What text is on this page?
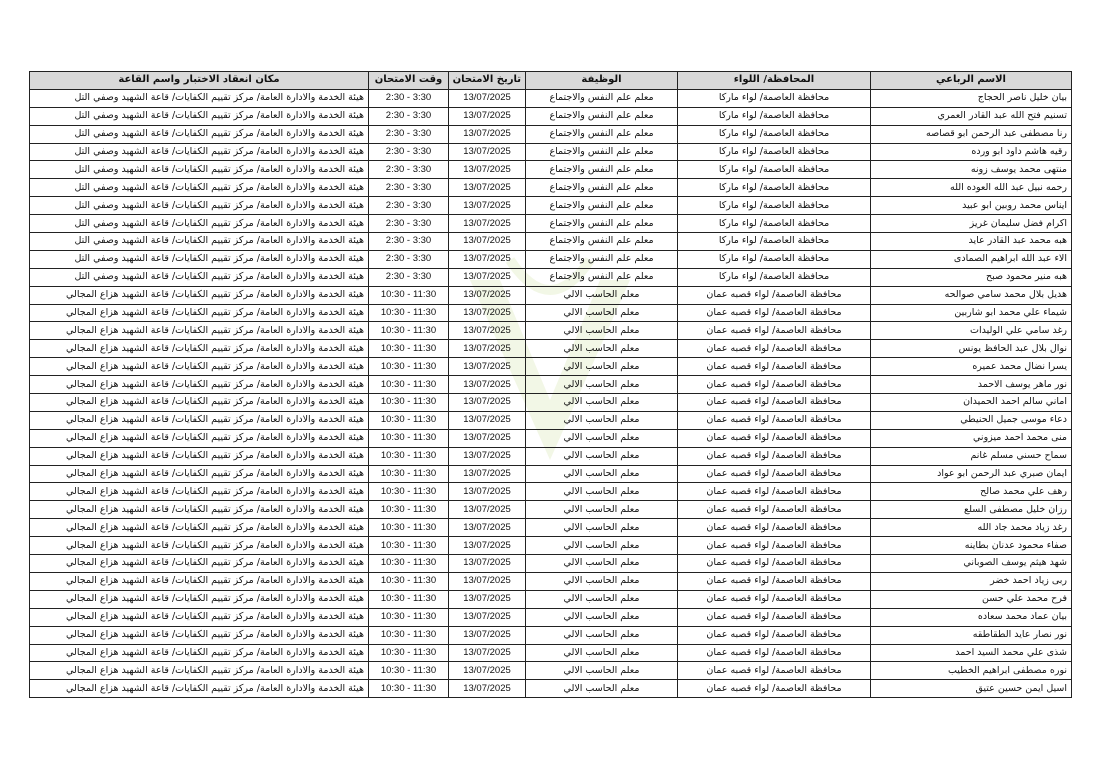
الاسم الرباعي	المحافظة/ اللواء	الوظيفة	تاريخ الامتحان	وقت الامتحان	مكان انعقاد الاختبار واسم القاعة
بيان خليل ناصر الحجاج	محافظة العاصمة/ لواء ماركا	معلم علم النفس والاجتماع	13/07/2025	2:30 - 3:30	هيئة الخدمة والادارة العامة/ مركز تقييم الكفايات/ قاعة الشهيد وصفي التل
تسنيم فتح الله عبد القادر العمري	محافظة العاصمة/ لواء ماركا	معلم علم النفس والاجتماع	13/07/2025	2:30 - 3:30	هيئة الخدمة والادارة العامة/ مركز تقييم الكفايات/ قاعة الشهيد وصفي التل
رنا مصطفى عبد الرحمن ابو قصاصه	محافظة العاصمة/ لواء ماركا	معلم علم النفس والاجتماع	13/07/2025	2:30 - 3:30	هيئة الخدمة والادارة العامة/ مركز تقييم الكفايات/ قاعة الشهيد وصفي التل
رقيه هاشم داود ابو ورده	محافظة العاصمة/ لواء ماركا	معلم علم النفس والاجتماع	13/07/2025	2:30 - 3:30	هيئة الخدمة والادارة العامة/ مركز تقييم الكفايات/ قاعة الشهيد وصفي التل
منتهى محمد يوسف زونه	محافظة العاصمة/ لواء ماركا	معلم علم النفس والاجتماع	13/07/2025	2:30 - 3:30	هيئة الخدمة والادارة العامة/ مركز تقييم الكفايات/ قاعة الشهيد وصفي التل
رحمه نبيل عبد الله العوده الله	محافظة العاصمة/ لواء ماركا	معلم علم النفس والاجتماع	13/07/2025	2:30 - 3:30	هيئة الخدمة والادارة العامة/ مركز تقييم الكفايات/ قاعة الشهيد وصفي التل
ايناس محمد روبين ابو عبيد	محافظة العاصمة/ لواء ماركا	معلم علم النفس والاجتماع	13/07/2025	2:30 - 3:30	هيئة الخدمة والادارة العامة/ مركز تقييم الكفايات/ قاعة الشهيد وصفي التل
اكرام فضل سليمان غريز	محافظة العاصمة/ لواء ماركا	معلم علم النفس والاجتماع	13/07/2025	2:30 - 3:30	هيئة الخدمة والادارة العامة/ مركز تقييم الكفايات/ قاعة الشهيد وصفي التل
هبه محمد عبد القادر عايد	محافظة العاصمة/ لواء ماركا	معلم علم النفس والاجتماع	13/07/2025	2:30 - 3:30	هيئة الخدمة والادارة العامة/ مركز تقييم الكفايات/ قاعة الشهيد وصفي التل
الاء عبد الله ابراهيم الصمادى	محافظة العاصمة/ لواء ماركا	معلم علم النفس والاجتماع	13/07/2025	2:30 - 3:30	هيئة الخدمة والادارة العامة/ مركز تقييم الكفايات/ قاعة الشهيد وصفي التل
هبه منير محمود صبح	محافظة العاصمة/ لواء ماركا	معلم علم النفس والاجتماع	13/07/2025	2:30 - 3:30	هيئة الخدمة والادارة العامة/ مركز تقييم الكفايات/ قاعة الشهيد وصفي التل
هديل بلال محمد سامي صوالحه	محافظة العاصمة/ لواء قصبه عمان	معلم الحاسب الالي	13/07/2025	10:30 - 11:30	هيئة الخدمة والادارة العامة/ مركز تقييم الكفايات/ قاعة الشهيد هزاع المجالي
شيماء علي محمد ابو شاربين	محافظة العاصمة/ لواء قصبه عمان	معلم الحاسب الالي	13/07/2025	10:30 - 11:30	هيئة الخدمة والادارة العامة/ مركز تقييم الكفايات/ قاعة الشهيد هزاع المجالي
رغد سامي علي الوليدات	محافظة العاصمة/ لواء قصبه عمان	معلم الحاسب الالي	13/07/2025	10:30 - 11:30	هيئة الخدمة والادارة العامة/ مركز تقييم الكفايات/ قاعة الشهيد هزاع المجالي
نوال بلال عبد الحافظ يونس	محافظة العاصمة/ لواء قصبه عمان	معلم الحاسب الالي	13/07/2025	10:30 - 11:30	هيئة الخدمة والادارة العامة/ مركز تقييم الكفايات/ قاعة الشهيد هزاع المجالي
يسرا نضال محمد عميره	محافظة العاصمة/ لواء قصبه عمان	معلم الحاسب الالي	13/07/2025	10:30 - 11:30	هيئة الخدمة والادارة العامة/ مركز تقييم الكفايات/ قاعة الشهيد هزاع المجالي
نور ماهر يوسف الاحمد	محافظة العاصمة/ لواء قصبه عمان	معلم الحاسب الالي	13/07/2025	10:30 - 11:30	هيئة الخدمة والادارة العامة/ مركز تقييم الكفايات/ قاعة الشهيد هزاع المجالي
اماني سالم احمد الحميدان	محافظة العاصمة/ لواء قصبه عمان	معلم الحاسب الالي	13/07/2025	10:30 - 11:30	هيئة الخدمة والادارة العامة/ مركز تقييم الكفايات/ قاعة الشهيد هزاع المجالي
دعاء موسى جميل الحنيطي	محافظة العاصمة/ لواء قصبه عمان	معلم الحاسب الالي	13/07/2025	10:30 - 11:30	هيئة الخدمة والادارة العامة/ مركز تقييم الكفايات/ قاعة الشهيد هزاع المجالي
منى محمد احمد ميزوني	محافظة العاصمة/ لواء قصبه عمان	معلم الحاسب الالي	13/07/2025	10:30 - 11:30	هيئة الخدمة والادارة العامة/ مركز تقييم الكفايات/ قاعة الشهيد هزاع المجالي
سماح حسني مسلم غانم	محافظة العاصمة/ لواء قصبه عمان	معلم الحاسب الالي	13/07/2025	10:30 - 11:30	هيئة الخدمة والادارة العامة/ مركز تقييم الكفايات/ قاعة الشهيد هزاع المجالي
ايمان صبري عبد الرحمن ابو عواد	محافظة العاصمة/ لواء قصبه عمان	معلم الحاسب الالي	13/07/2025	10:30 - 11:30	هيئة الخدمة والادارة العامة/ مركز تقييم الكفايات/ قاعة الشهيد هزاع المجالي
رهف علي محمد صالح	محافظة العاصمة/ لواء قصبه عمان	معلم الحاسب الالي	13/07/2025	10:30 - 11:30	هيئة الخدمة والادارة العامة/ مركز تقييم الكفايات/ قاعة الشهيد هزاع المجالي
رزان خليل مصطفى السلع	محافظة العاصمة/ لواء قصبه عمان	معلم الحاسب الالي	13/07/2025	10:30 - 11:30	هيئة الخدمة والادارة العامة/ مركز تقييم الكفايات/ قاعة الشهيد هزاع المجالي
رغد زياد محمد جاد الله	محافظة العاصمة/ لواء قصبه عمان	معلم الحاسب الالي	13/07/2025	10:30 - 11:30	هيئة الخدمة والادارة العامة/ مركز تقييم الكفايات/ قاعة الشهيد هزاع المجالي
صفاء محمود عدنان بطاينه	محافظة العاصمة/ لواء قصبه عمان	معلم الحاسب الالي	13/07/2025	10:30 - 11:30	هيئة الخدمة والادارة العامة/ مركز تقييم الكفايات/ قاعة الشهيد هزاع المجالي
شهد هيثم يوسف الصوباني	محافظة العاصمة/ لواء قصبه عمان	معلم الحاسب الالي	13/07/2025	10:30 - 11:30	هيئة الخدمة والادارة العامة/ مركز تقييم الكفايات/ قاعة الشهيد هزاع المجالي
ربى زياد احمد خضر	محافظة العاصمة/ لواء قصبه عمان	معلم الحاسب الالي	13/07/2025	10:30 - 11:30	هيئة الخدمة والادارة العامة/ مركز تقييم الكفايات/ قاعة الشهيد هزاع المجالي
فرح محمد علي حسن	محافظة العاصمة/ لواء قصبه عمان	معلم الحاسب الالي	13/07/2025	10:30 - 11:30	هيئة الخدمة والادارة العامة/ مركز تقييم الكفايات/ قاعة الشهيد هزاع المجالي
بيان عماد محمد سعاده	محافظة العاصمة/ لواء قصبه عمان	معلم الحاسب الالي	13/07/2025	10:30 - 11:30	هيئة الخدمة والادارة العامة/ مركز تقييم الكفايات/ قاعة الشهيد هزاع المجالي
نور نصار عايد الطقاطقه	محافظة العاصمة/ لواء قصبه عمان	معلم الحاسب الالي	13/07/2025	10:30 - 11:30	هيئة الخدمة والادارة العامة/ مركز تقييم الكفايات/ قاعة الشهيد هزاع المجالي
شذى علي محمد السيد احمد	محافظة العاصمة/ لواء قصبه عمان	معلم الحاسب الالي	13/07/2025	10:30 - 11:30	هيئة الخدمة والادارة العامة/ مركز تقييم الكفايات/ قاعة الشهيد هزاع المجالي
نوره مصطفى ابراهيم الخطيب	محافظة العاصمة/ لواء قصبه عمان	معلم الحاسب الالي	13/07/2025	10:30 - 11:30	هيئة الخدمة والادارة العامة/ مركز تقييم الكفايات/ قاعة الشهيد هزاع المجالي
اسيل ايمن حسين عتيق	محافظة العاصمة/ لواء قصبه عمان	معلم الحاسب الالي	13/07/2025	10:30 - 11:30	هيئة الخدمة والادارة العامة/ مركز تقييم الكفايات/ قاعة الشهيد هزاع المجالي
